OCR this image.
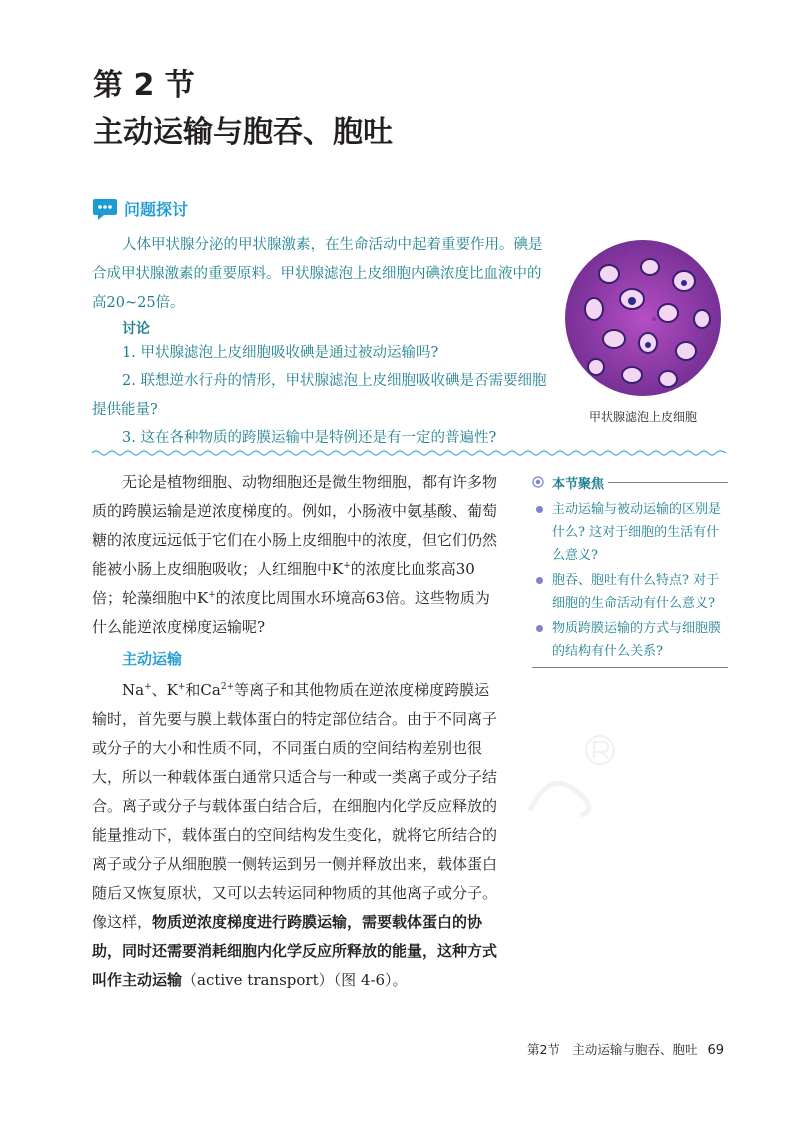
第 2 节
主动运输与胞吞、胞吐
问题探讨
人体甲状腺分泌的甲状腺激素，在生命活动中起着重要作用。碘是合成甲状腺激素的重要原料。甲状腺滤泡上皮细胞内碘浓度比血液中的高20~25倍。
讨论
1. 甲状腺滤泡上皮细胞吸收碘是通过被动运输吗?
2. 联想逆水行舟的情形，甲状腺滤泡上皮细胞吸收碘是否需要细胞提供能量?
3. 这在各种物质的跨膜运输中是特例还是有一定的普遍性?
甲状腺滤泡上皮细胞
无论是植物细胞、动物细胞还是微生物细胞，都有许多物质的跨膜运输是逆浓度梯度的。例如，小肠液中氨基酸、葡萄糖的浓度远远低于它们在小肠上皮细胞中的浓度，但它们仍然能被小肠上皮细胞吸收；人红细胞中K+的浓度比血浆高30倍；轮藻细胞中K+的浓度比周围水环境高63倍。这些物质为什么能逆浓度梯度运输呢?
本节聚焦
主动运输与被动运输的区别是什么? 这对于细胞的生活有什么意义?
胞吞、胞吐有什么特点? 对于细胞的生命活动有什么意义?
物质跨膜运输的方式与细胞膜的结构有什么关系?
主动运输
Na+、K+和$Ca^{2+}$等离子和其他物质在逆浓度梯度跨膜运输时，首先要与膜上载体蛋白的特定部位结合。由于不同离子或分子的大小和性质不同，不同蛋白质的空间结构差别也很大，所以一种载体蛋白通常只适合与一种或一类离子或分子结合。离子或分子与载体蛋白结合后，在细胞内化学反应释放的能量推动下，载体蛋白的空间结构发生变化，就将它所结合的离子或分子从细胞膜一侧转运到另一侧并释放出来，载体蛋白随后又恢复原状，又可以去转运同种物质的其他离子或分子。像这样，物质逆浓度梯度进行跨膜运输，需要载体蛋白的协助，同时还需要消耗细胞内化学反应所释放的能量，这种方式叫作主动运输（active transport）（图 4-6）。
第2节　主动运输与胞吞、胞吐 69
